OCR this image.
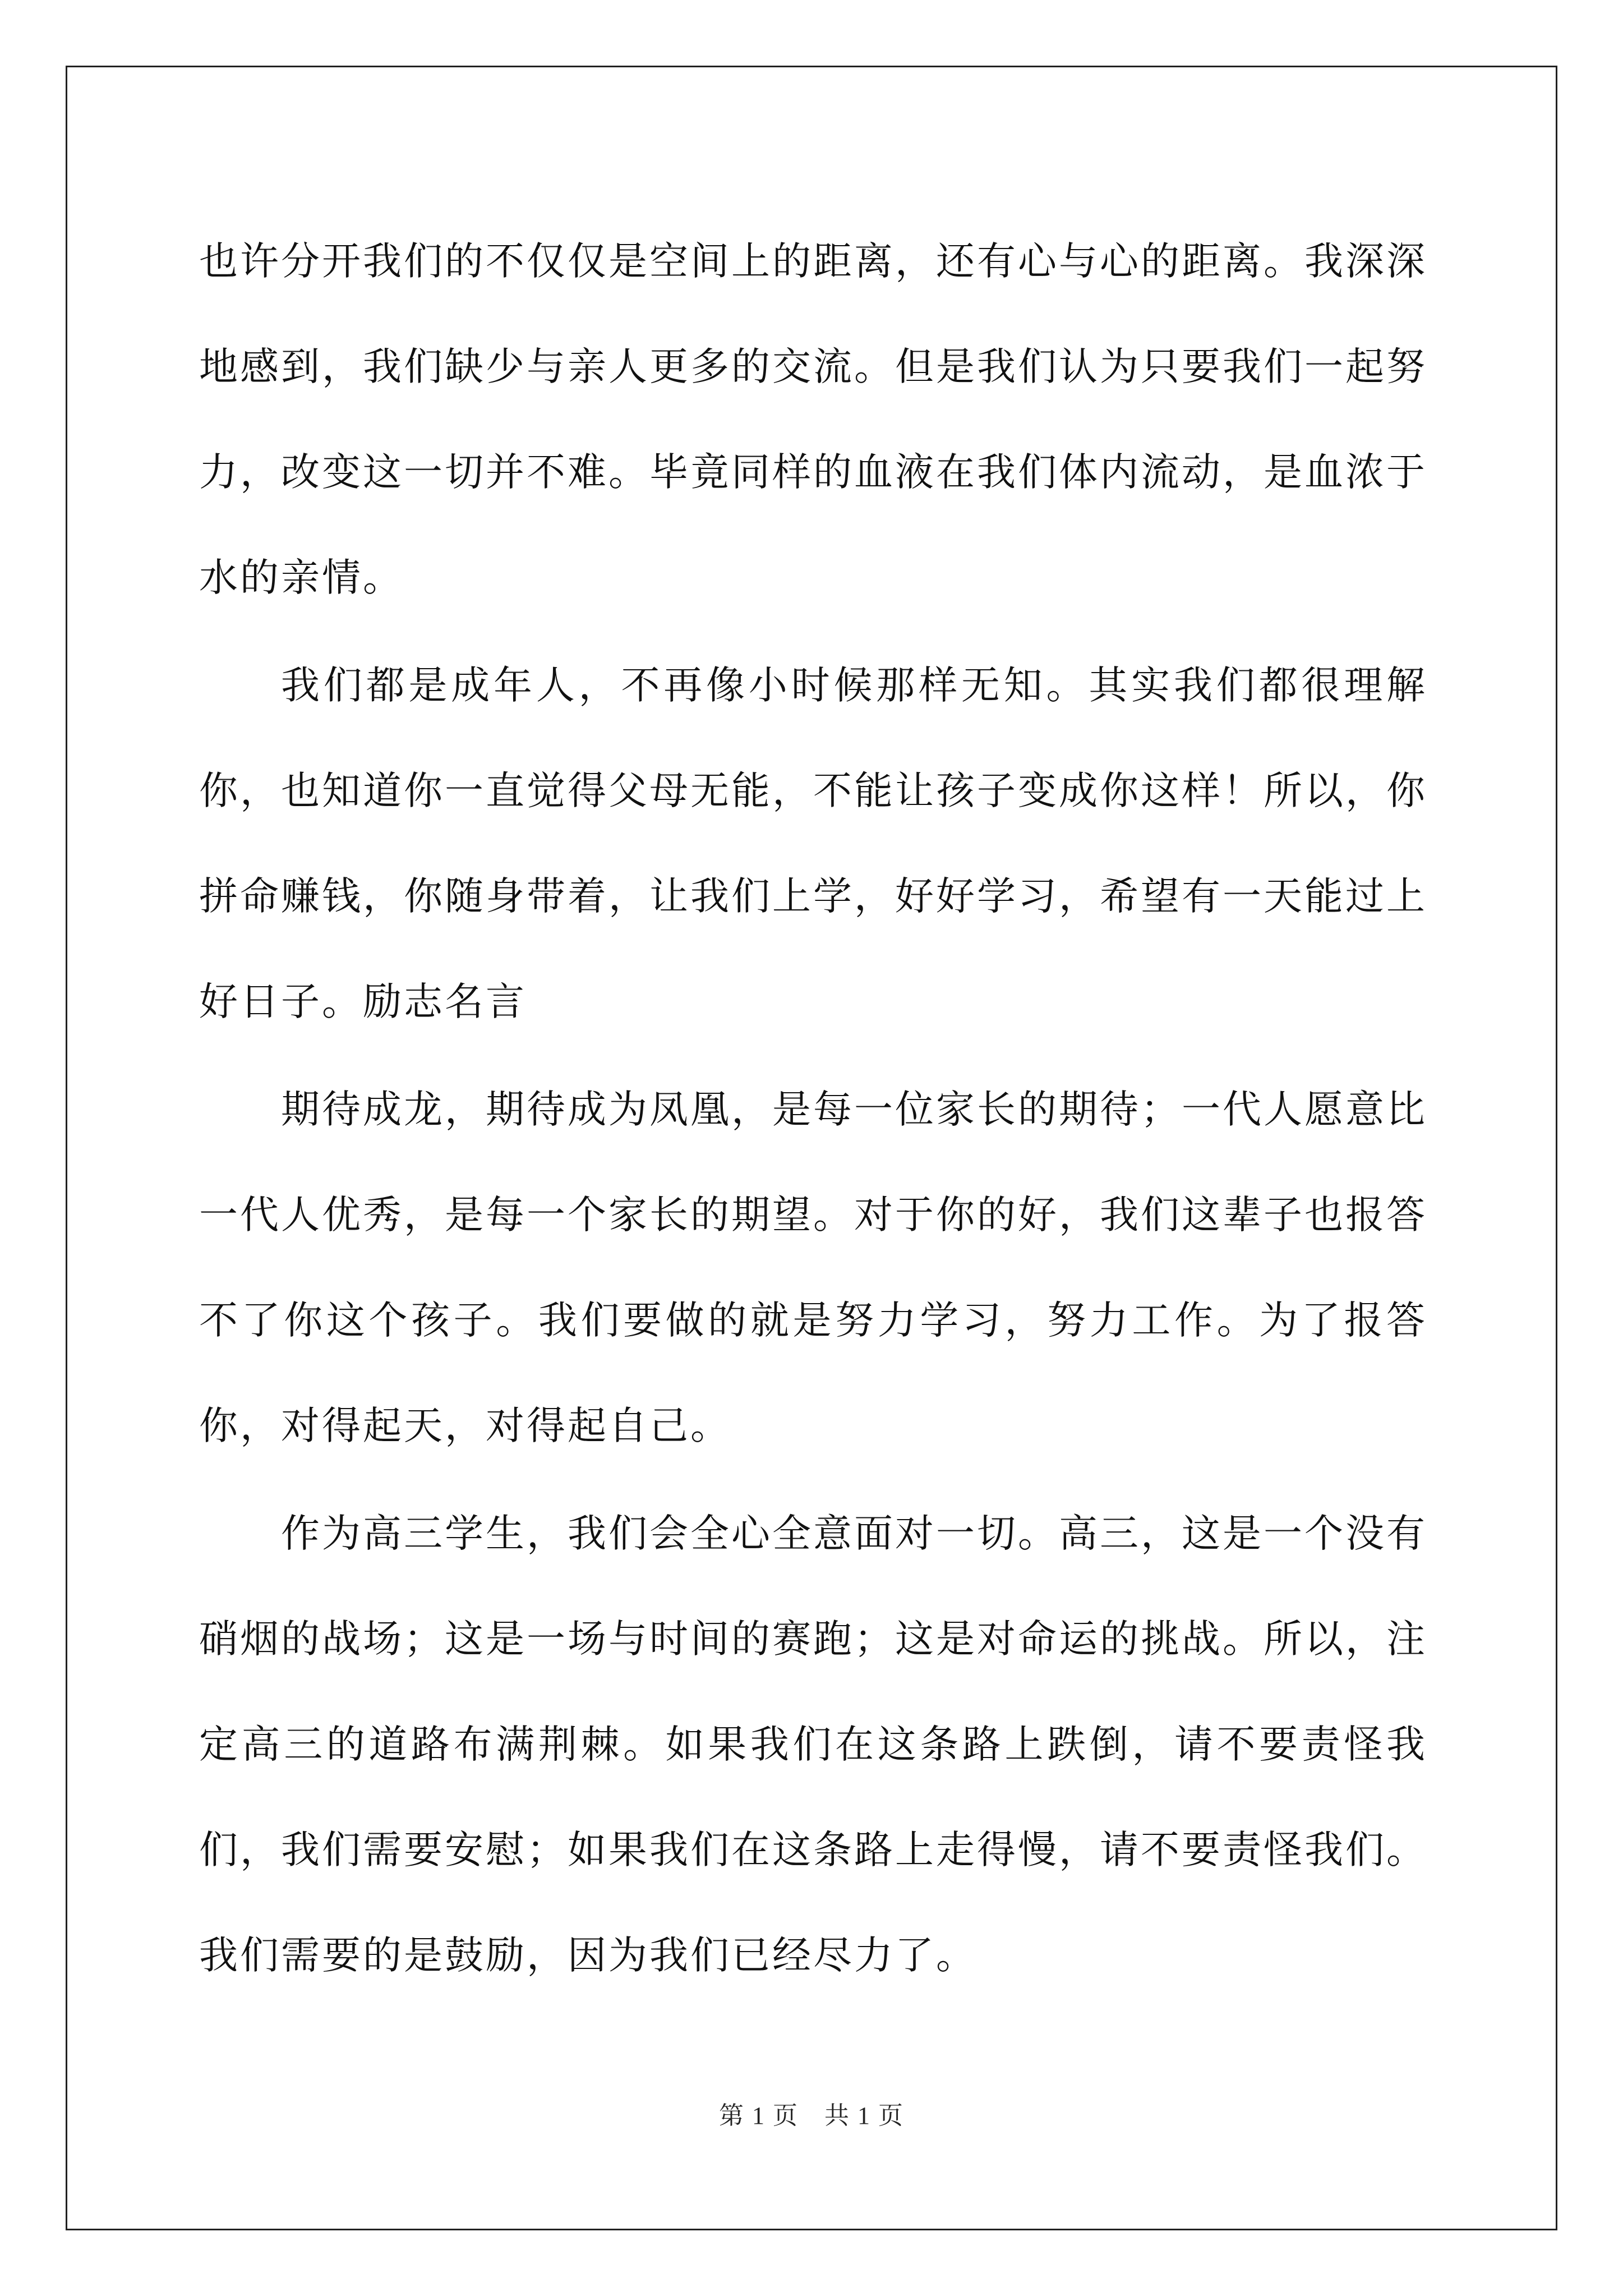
也许分开我们的不仅仅是空间上的距离，还有心与心的距离。我深深地感到，我们缺少与亲人更多的交流。但是我们认为只要我们一起努力，改变这一切并不难。毕竟同样的血液在我们体内流动，是血浓于水的亲情。

我们都是成年人，不再像小时候那样无知。其实我们都很理解你，也知道你一直觉得父母无能，不能让孩子变成你这样！所以，你拼命赚钱，你随身带着，让我们上学，好好学习，希望有一天能过上好日子。励志名言

期待成龙，期待成为凤凰，是每一位家长的期待；一代人愿意比一代人优秀，是每一个家长的期望。对于你的好，我们这辈子也报答不了你这个孩子。我们要做的就是努力学习，努力工作。为了报答你，对得起天，对得起自己。

作为高三学生，我们会全心全意面对一切。高三，这是一个没有硝烟的战场；这是一场与时间的赛跑；这是对命运的挑战。所以，注定高三的道路布满荆棘。如果我们在这条路上跌倒，请不要责怪我们，我们需要安慰；如果我们在这条路上走得慢，请不要责怪我们。我们需要的是鼓励，因为我们已经尽力了。

第 1 页　共 1 页
